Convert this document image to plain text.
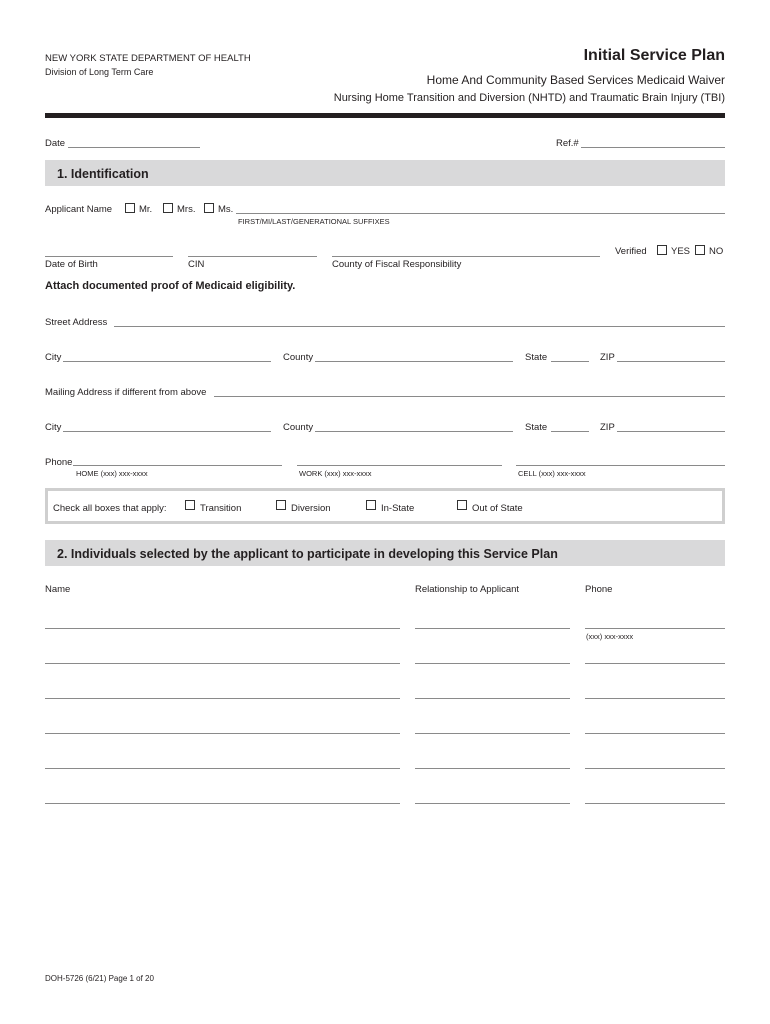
NEW YORK STATE DEPARTMENT OF HEALTH
Division of Long Term Care
Initial Service Plan
Home And Community Based Services Medicaid Waiver
Nursing Home Transition and Diversion (NHTD) and Traumatic Brain Injury (TBI)
Date	Ref.#
1. Identification
Applicant Name	Mr.	Mrs. Ms.
FIRST/MI/LAST/GENERATIONAL SUFFIXES
Date of Birth	CIN	County of Fiscal Responsibility
Verified	YES NO
Attach documented proof of Medicaid eligibility.
Street Address
City	County	State	ZIP
Mailing Address if different from above
City	County	State	ZIP
Phone
HOME (xxx) xxx-xxxx	WORK (xxx) xxx-xxxx	CELL (xxx) xxx-xxxx
Check all boxes that apply:	Transition	Diversion	In-State	Out of State
2. Individuals selected by the applicant to participate in developing this Service Plan
Name	Relationship to Applicant	Phone
(xxx) xxx-xxxx
DOH-5726 (6/21) Page 1 of 20
